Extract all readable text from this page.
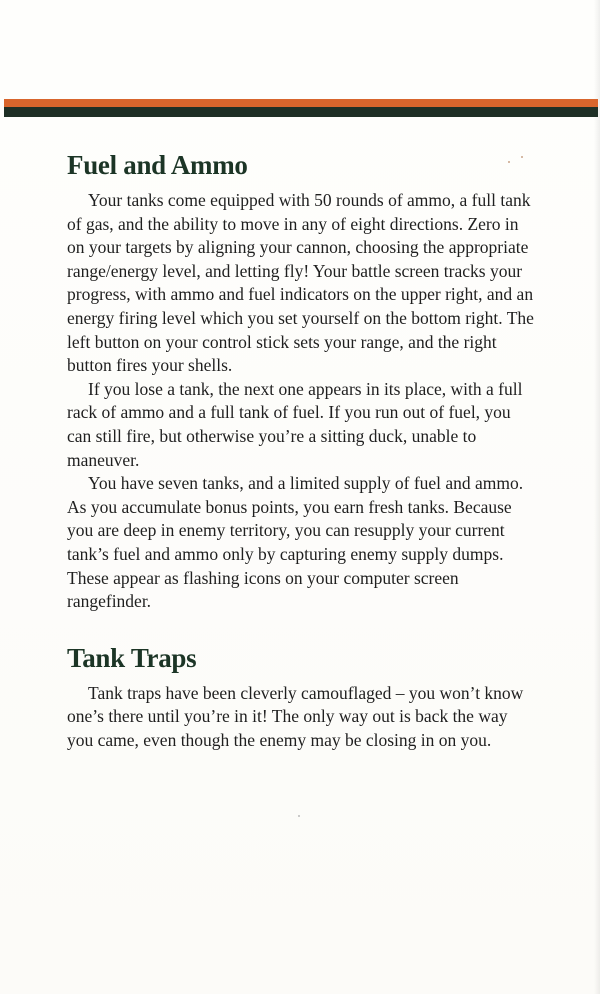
Fuel and Ammo

Your tanks come equipped with 50 rounds of ammo, a full tank of gas, and the ability to move in any of eight directions. Zero in on your targets by aligning your cannon, choosing the appropriate range/energy level, and letting fly! Your battle screen tracks your progress, with ammo and fuel indicators on the upper right, and an energy firing level which you set yourself on the bottom right. The left button on your control stick sets your range, and the right button fires your shells.

If you lose a tank, the next one appears in its place, with a full rack of ammo and a full tank of fuel. If you run out of fuel, you can still fire, but otherwise you’re a sitting duck, unable to maneuver.

You have seven tanks, and a limited supply of fuel and ammo. As you accumulate bonus points, you earn fresh tanks. Because you are deep in enemy territory, you can resupply your current tank’s fuel and ammo only by capturing enemy supply dumps. These appear as flashing icons on your computer screen rangefinder.

Tank Traps

Tank traps have been cleverly camouflaged – you won’t know one’s there until you’re in it! The only way out is back the way you came, even though the enemy may be closing in on you.
